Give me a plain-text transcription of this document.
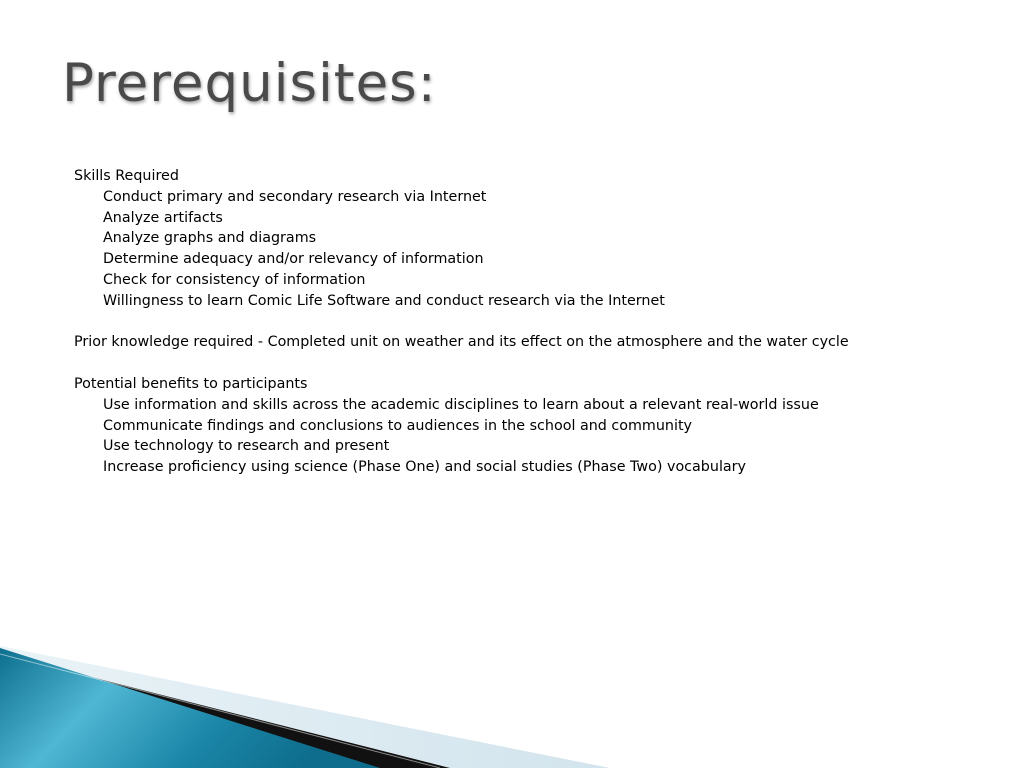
Prerequisites:
Skills Required
Conduct primary and secondary research via Internet
Analyze artifacts
Analyze graphs and diagrams
Determine adequacy and/or relevancy of information
Check for consistency of information
Willingness to learn Comic Life Software and conduct research via the Internet
Prior knowledge required - Completed unit on weather and its effect on the atmosphere and the water cycle
Potential benefits to participants
Use information and skills across the academic disciplines to learn about a relevant real-world issue
Communicate findings and conclusions to audiences in the school and community
Use technology to research and present
Increase proficiency using science (Phase One) and social studies (Phase Two) vocabulary
